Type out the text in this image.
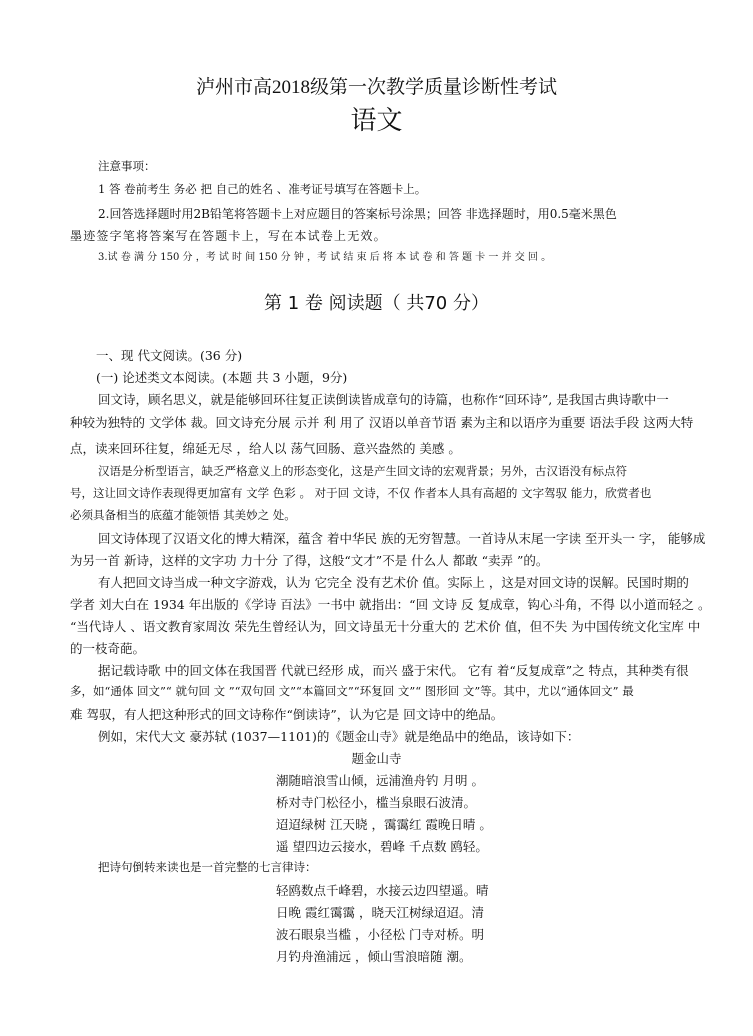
泸州市高2018级第一次教学质量诊断性考试
语文
注意事项：
1 答 卷前考生 务必 把 自己的姓名 、准考证号填写在答题卡上。
2.回答选择题时用2B铅笔将答题卡上对应题目的答案标号涂黑；回答 非选择题时，用0.5毫米黑色
墨迹签字笔将答案写在答题卡上，写在本试卷上无效。
3.试 卷 满 分 150 分 ，考 试 时 间 150 分 钟 ，考 试 结 束 后 将 本 试 卷 和 答 题 卡 一 并 交 回 。
第 1 卷 阅读题（ 共70 分）
一、现 代文阅读。(36 分)
(一) 论述类文本阅读。(本题 共 3 小题，9分)
回文诗，顾名思义，就是能够回环往复正读倒读皆成章句的诗篇，也称作“回环诗”, 是我国古典诗歌中一
种较为独特的 文学体 裁。回文诗充分展 示并 利 用了 汉语以单音节语 素为主和以语序为重要 语法手段 这两大特
点，读来回环往复，绵延无尽 ，给人以 荡气回肠、意兴盎然的 美感 。
汉语是分析型语言，缺乏严格意义上的形态变化，这是产生回文诗的宏观背景；另外，古汉语没有标点符
号，这让回文诗作表现得更加富有 文学 色彩 。 对于回 文诗，不仅 作者本人具有高超的 文字驾驭 能力，欣赏者也
必须具备相当的底蕴才能领悟 其美妙之 处。
回文诗体现了汉语文化的博大精深，蕴含 着中华民 族的无穷智慧。一首诗从末尾一字读 至开头一 字， 能够成
为另一首 新诗，这样的文字功 力十分 了得，这般“文才”不是 什么人 都敢 “卖弄 ”的。
有人把回文诗当成一种文字游戏，认为 它完全 没有艺术价 值。实际上 ，这是对回文诗的误解。民国时期的
学者 刘大白在 1934 年出版的《学诗 百法》一书中 就指出：“回 文诗 反 复成章，钩心斗角，不得 以小道而轻之 。
“当代诗人 、语文教育家周汝 荣先生曾经认为，回文诗虽无十分重大的 艺术价 值，但不失 为中国传统文化宝库 中
的一枝奇葩。
据记载诗歌 中的回文体在我国晋 代就已经形 成，而兴 盛于宋代。 它有 着“反复成章”之 特点，其种类有很
多，如“通体 回文”“ 就句回 文 ”“双句回 文”“本篇回文”“环复回 文”“ 图形回 文”等。其中，尤以“通体回文” 最
难 驾驭，有人把这种形式的回文诗称作“倒读诗”，认为它是 回文诗中的绝品。
例如，宋代大文 豪苏轼 (1037—1101)的《题金山寺》就是绝品中的绝品，该诗如下：
题金山寺
潮随暗浪雪山倾，远浦渔舟钓 月明 。
桥对寺门松径小，槛当泉眼石波清。
迢迢绿树 江天晓 ，霭霭红 霞晚日晴 。
遥 望四边云接水，碧峰 千点数 鸥轻。
把诗句倒转来读也是一首完整的七言律诗：
轻鸥数点千峰碧，水接云边四望遥。晴
日晚 霞红霭霭 ，晓天江树绿迢迢。清
波石眼泉当槛 ，小径松 门寺对桥。明
月钓舟渔浦远 ，倾山雪浪暗随 潮。
